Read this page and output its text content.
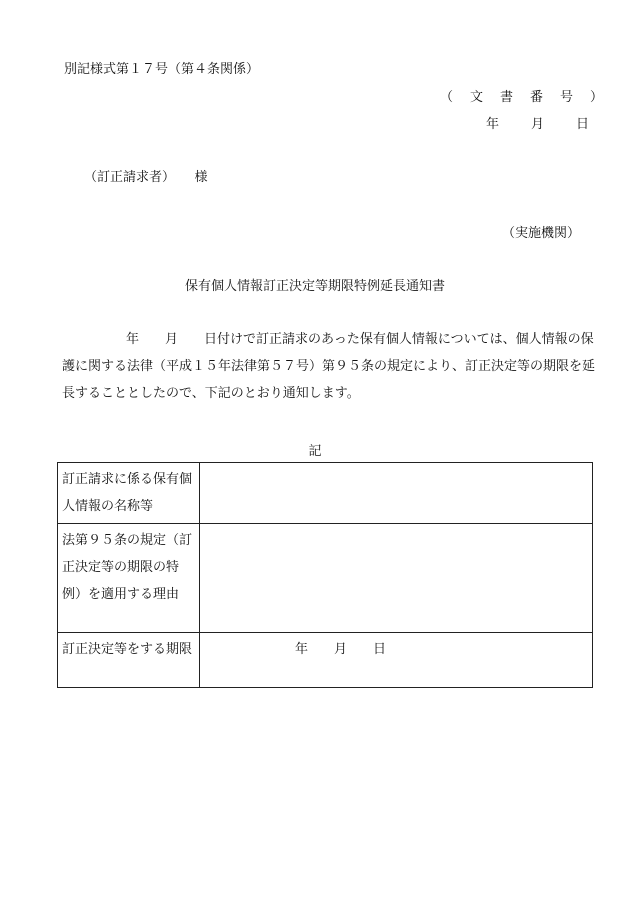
別記様式第１７号（第４条関係）
（　文　書　番　号　）
年　　月　　日
（訂正請求者）　　様
（実施機関）
保有個人情報訂正決定等期限特例延長通知書
年　　月　　日付けで訂正請求のあった保有個人情報については、個人情報の保護に関する法律（平成１５年法律第５７号）第９５条の規定により、訂正決定等の期限を延長することとしたので、下記のとおり通知します。
記
訂正請求に係る保有個人情報の名称等	

法第９５条の規定（訂正決定等の期限の特例）を適用する理由	

訂正決定等をする期限	　　　　　　　年　　月　　日
